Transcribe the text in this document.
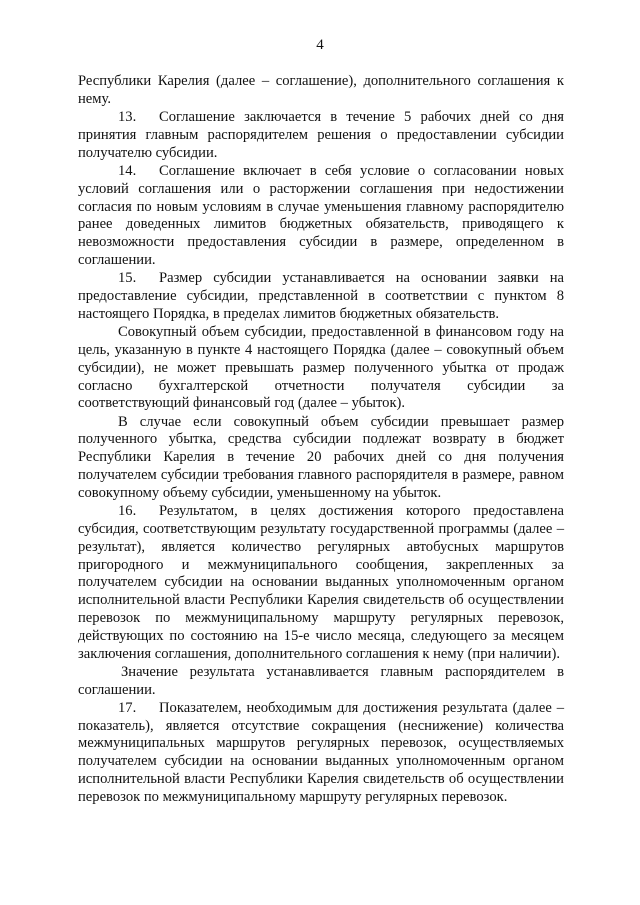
4

Республики Карелия (далее – соглашение), дополнительного соглашения к нему.

13. Соглашение заключается в течение 5 рабочих дней со дня принятия главным распорядителем решения о предоставлении субсидии получателю субсидии.

14. Соглашение включает в себя условие о согласовании новых условий соглашения или о расторжении соглашения при недостижении согласия по новым условиям в случае уменьшения главному распорядителю ранее доведенных лимитов бюджетных обязательств, приводящего к невозможности предоставления субсидии в размере, определенном в соглашении.

15. Размер субсидии устанавливается на основании заявки на предоставление субсидии, представленной в соответствии с пунктом 8 настоящего Порядка, в пределах лимитов бюджетных обязательств.

Совокупный объем субсидии, предоставленной в финансовом году на цель, указанную в пункте 4 настоящего Порядка (далее – совокупный объем субсидии), не может превышать размер полученного убытка от продаж согласно бухгалтерской отчетности получателя субсидии за соответствующий финансовый год (далее – убыток).

В случае если совокупный объем субсидии превышает размер полученного убытка, средства субсидии подлежат возврату в бюджет Республики Карелия в течение 20 рабочих дней со дня получения получателем субсидии требования главного распорядителя в размере, равном совокупному объему субсидии, уменьшенному на убыток.

16. Результатом, в целях достижения которого предоставлена субсидия, соответствующим результату государственной программы (далее – результат), является количество регулярных автобусных маршрутов пригородного и межмуниципального сообщения, закрепленных за получателем субсидии на основании выданных уполномоченным органом исполнительной власти Республики Карелия свидетельств об осуществлении перевозок по межмуниципальному маршруту регулярных перевозок, действующих по состоянию на 15-е число месяца, следующего за месяцем заключения соглашения, дополнительного соглашения к нему (при наличии).

Значение результата устанавливается главным распорядителем в соглашении.

17. Показателем, необходимым для достижения результата (далее – показатель), является отсутствие сокращения (неснижение) количества межмуниципальных маршрутов регулярных перевозок, осуществляемых получателем субсидии на основании выданных уполномоченным органом исполнительной власти Республики Карелия свидетельств об осуществлении перевозок по межмуниципальному маршруту регулярных перевозок.
